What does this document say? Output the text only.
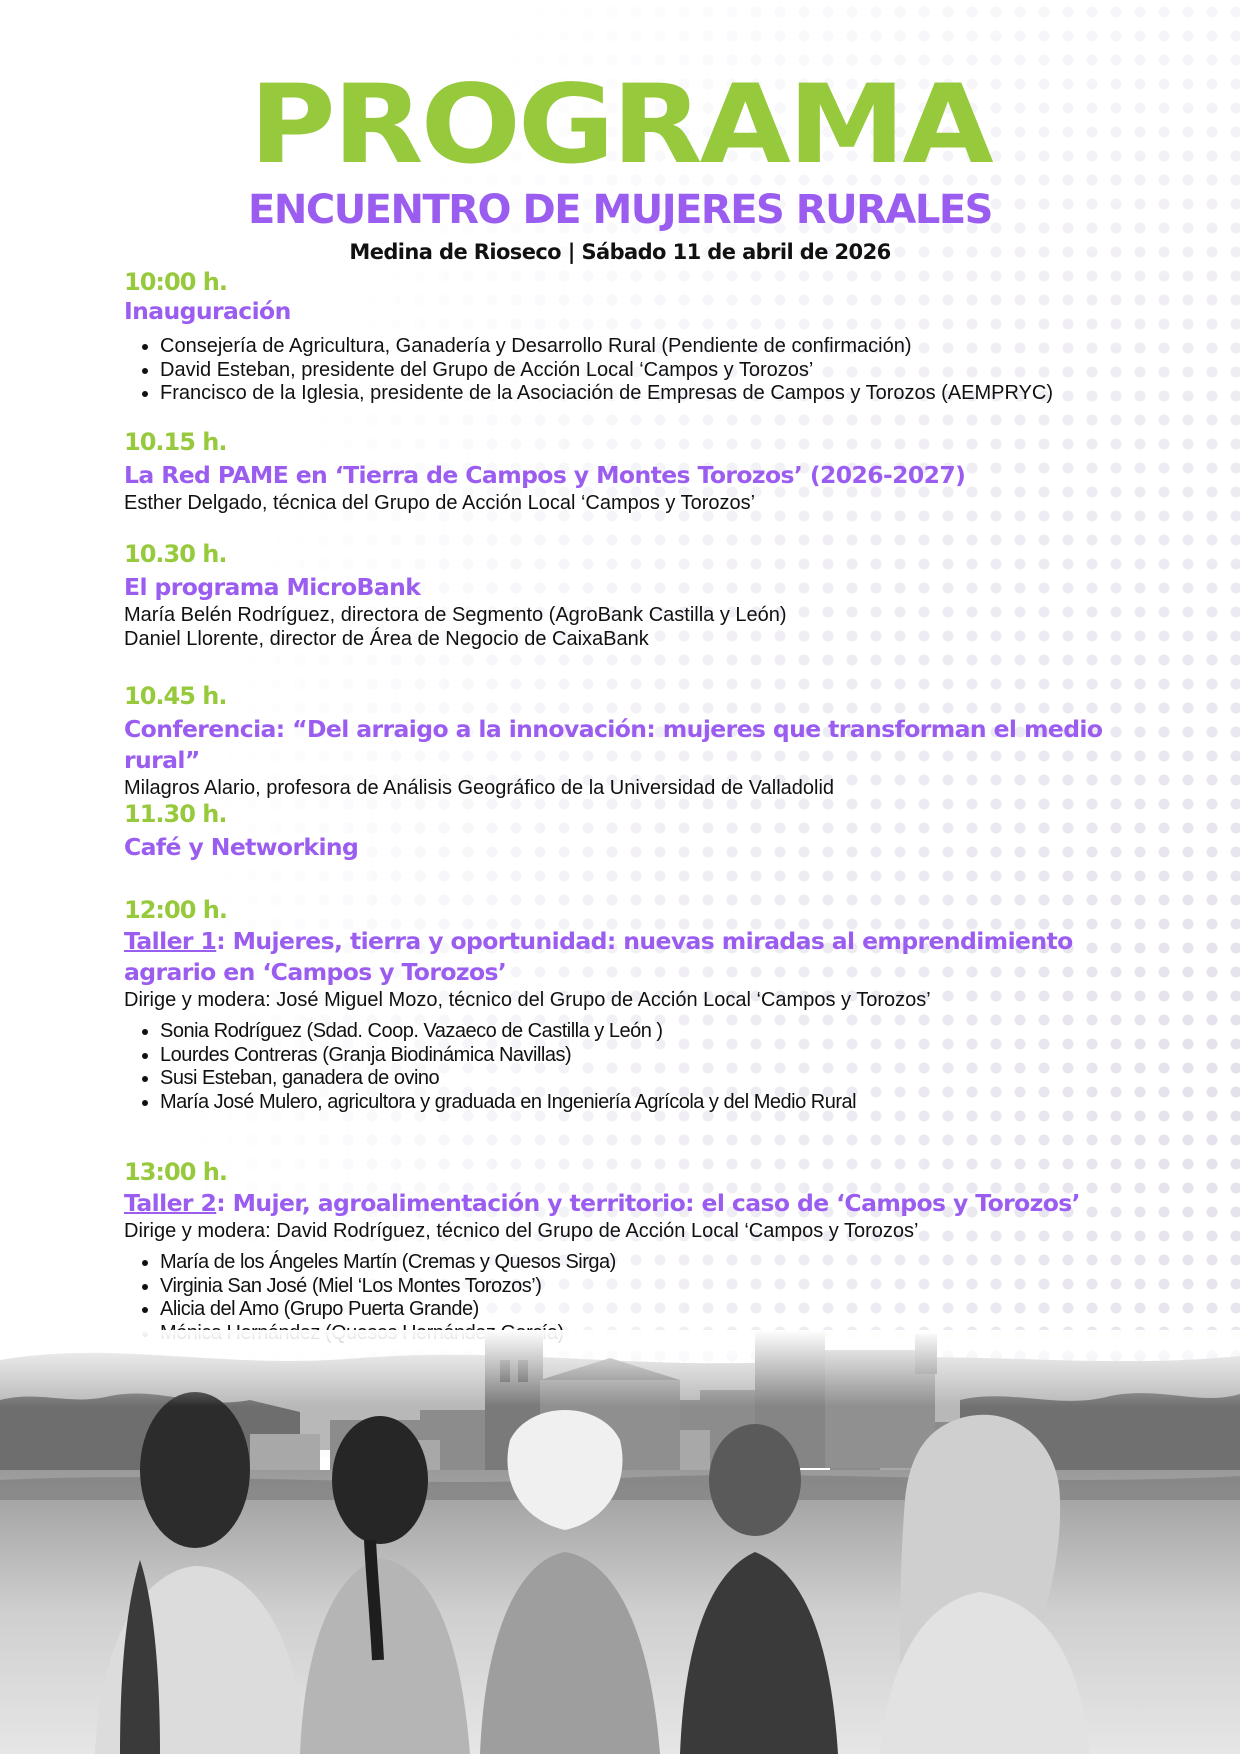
PROGRAMA
ENCUENTRO DE MUJERES RURALES
Medina de Rioseco | Sábado 11 de abril de 2026
10:00 h.
Inauguración
• Consejería de Agricultura, Ganadería y Desarrollo Rural (Pendiente de confirmación)
• David Esteban, presidente del Grupo de Acción Local ‘Campos y Torozos’
• Francisco de la Iglesia, presidente de la Asociación de Empresas de Campos y Torozos (AEMPRYC)
10.15 h.
La Red PAME en ‘Tierra de Campos y Montes Torozos’ (2026-2027)
Esther Delgado, técnica del Grupo de Acción Local ‘Campos y Torozos’
10.30 h.
El programa MicroBank
María Belén Rodríguez, directora de Segmento (AgroBank Castilla y León)
Daniel Llorente, director de Área de Negocio de CaixaBank
10.45 h.
Conferencia: “Del arraigo a la innovación: mujeres que transforman el medio rural”
Milagros Alario, profesora de Análisis Geográfico de la Universidad de Valladolid
11.30 h.
Café y Networking
12:00 h.
Taller 1: Mujeres, tierra y oportunidad: nuevas miradas al emprendimiento agrario en ‘Campos y Torozos’
Dirige y modera: José Miguel Mozo, técnico del Grupo de Acción Local ‘Campos y Torozos’
• Sonia Rodríguez (Sdad. Coop. Vazaeco de Castilla y León )
• Lourdes Contreras (Granja Biodinámica Navillas)
• Susi Esteban, ganadera de ovino
• María José Mulero, agricultora y graduada en Ingeniería Agrícola y del Medio Rural
13:00 h.
Taller 2: Mujer, agroalimentación y territorio: el caso de ‘Campos y Torozos’
Dirige y modera: David Rodríguez, técnico del Grupo de Acción Local ‘Campos y Torozos’
• María de los Ángeles Martín (Cremas y Quesos Sirga)
• Virginia San José (Miel ‘Los Montes Torozos’)
• Alicia del Amo (Grupo Puerta Grande)
•
